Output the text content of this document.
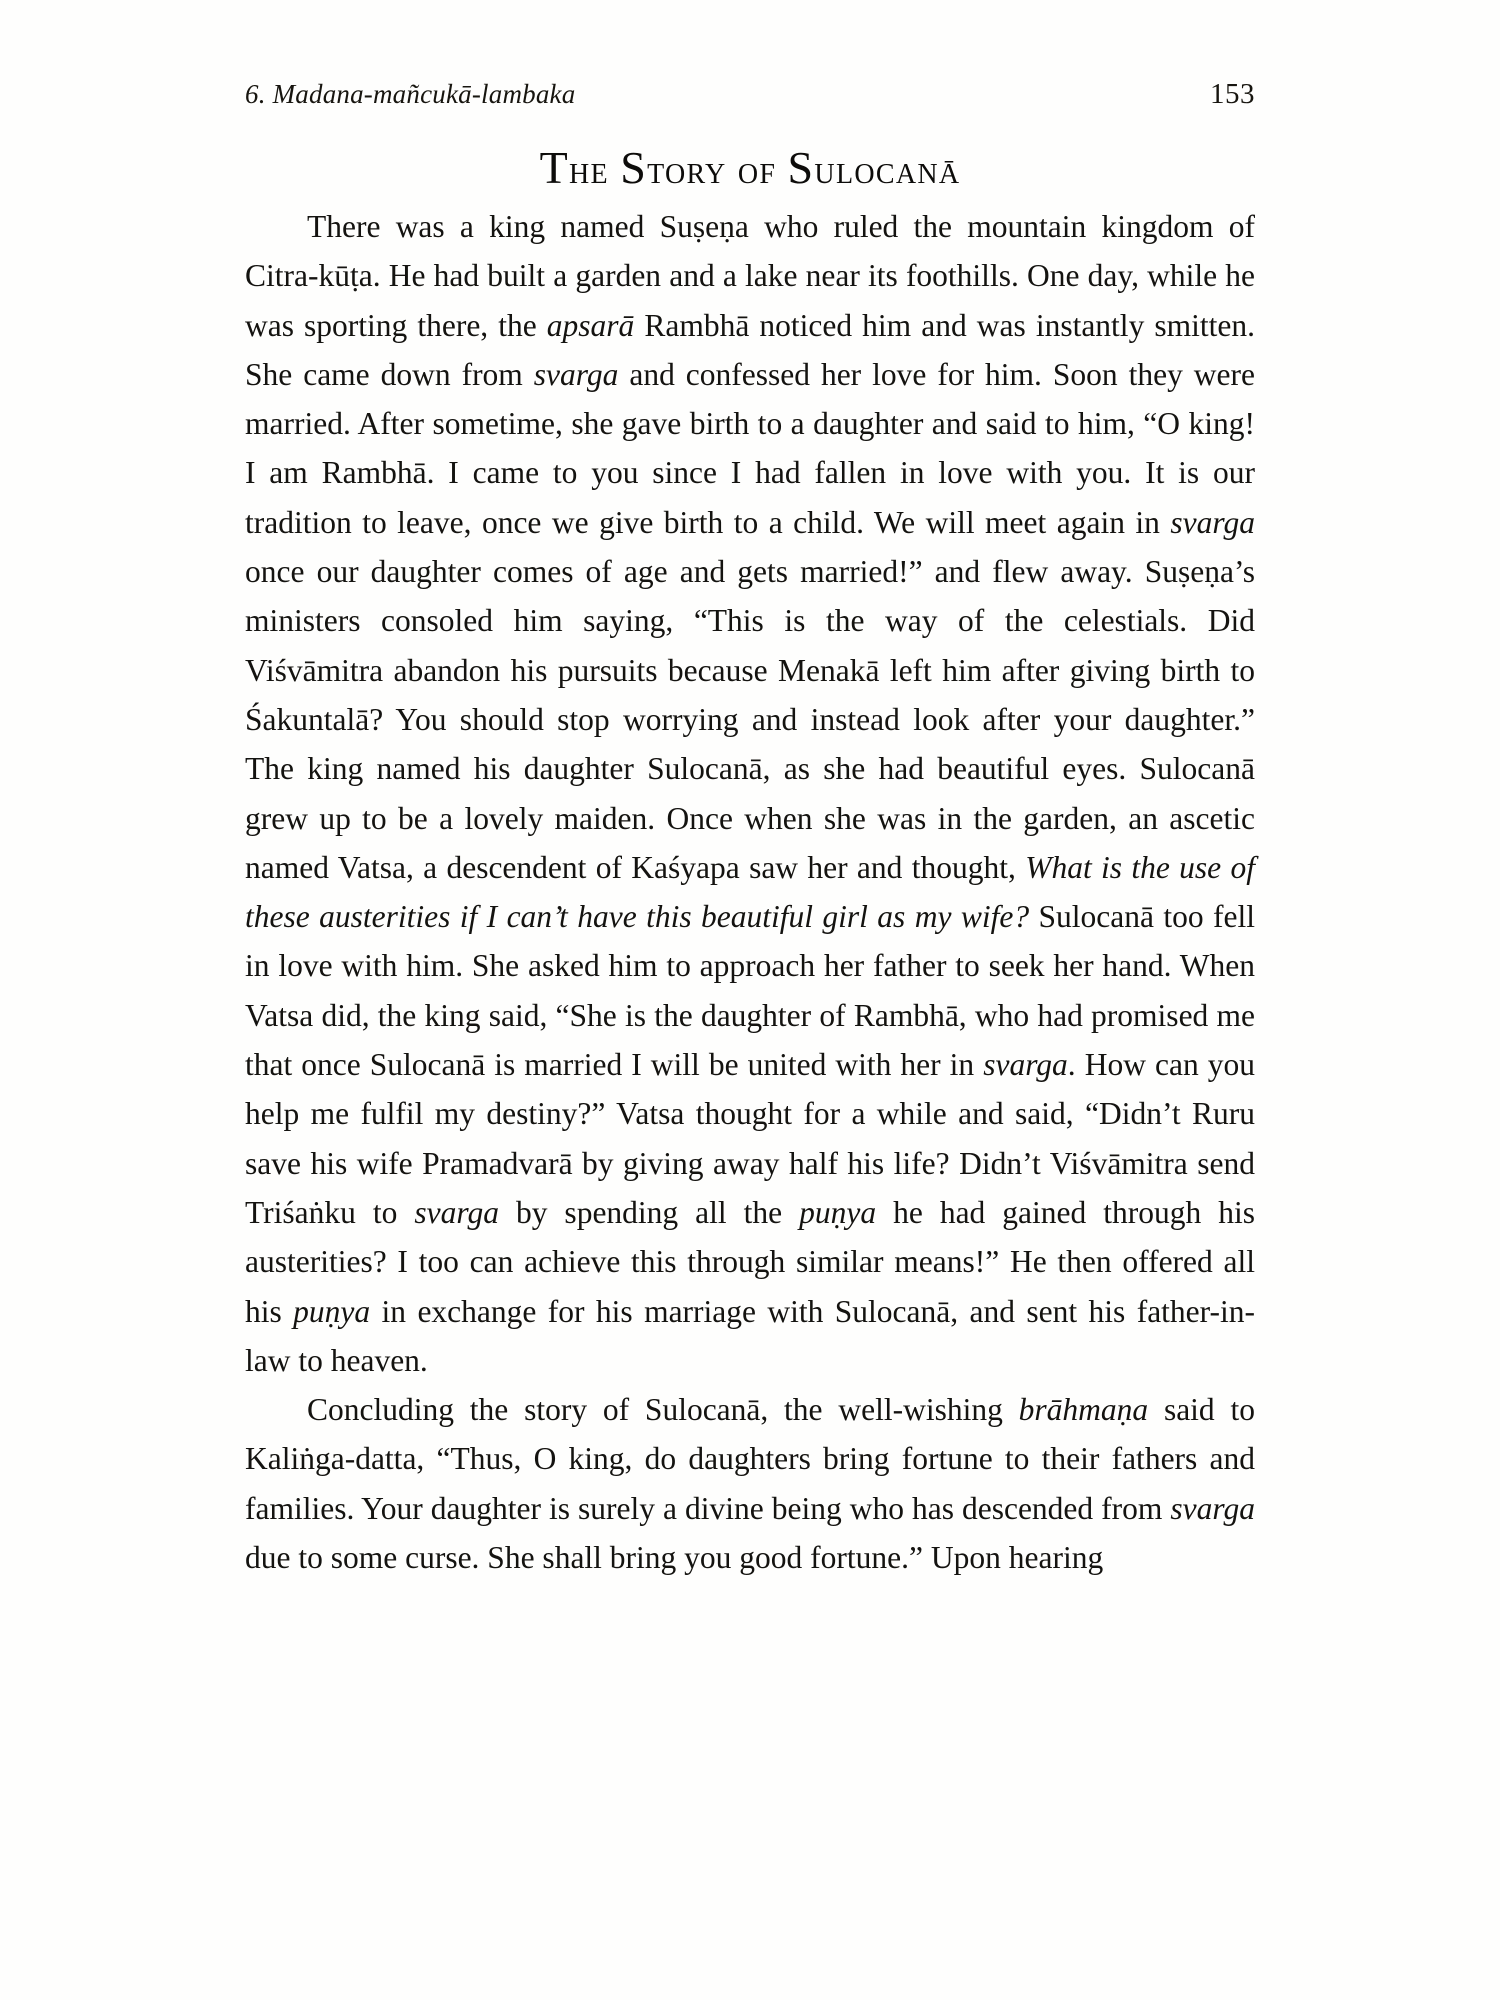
6. Madana-mañcukā-lambaka	153
The Story of Sulocanā

There was a king named Suṣeṇa who ruled the mountain kingdom of Citra-kūṭa. He had built a garden and a lake near its foothills. One day, while he was sporting there, the apsarā Rambhā noticed him and was instantly smitten. She came down from svarga and confessed her love for him. Soon they were married. After sometime, she gave birth to a daughter and said to him, “O king! I am Rambhā. I came to you since I had fallen in love with you. It is our tradition to leave, once we give birth to a child. We will meet again in svarga once our daughter comes of age and gets married!” and flew away. Suṣeṇa’s ministers consoled him saying, “This is the way of the celestials. Did Viśvāmitra abandon his pursuits because Menakā left him after giving birth to Śakuntalā? You should stop worrying and instead look after your daughter.” The king named his daughter Sulocanā, as she had beautiful eyes. Sulocanā grew up to be a lovely maiden. Once when she was in the garden, an ascetic named Vatsa, a descendent of Kaśyapa saw her and thought, What is the use of these austerities if I can’t have this beautiful girl as my wife? Sulocanā too fell in love with him. She asked him to approach her father to seek her hand. When Vatsa did, the king said, “She is the daughter of Rambhā, who had promised me that once Sulocanā is married I will be united with her in svarga. How can you help me fulfil my destiny?” Vatsa thought for a while and said, “Didn’t Ruru save his wife Pramadvarā by giving away half his life? Didn’t Viśvāmitra send Triśaṅku to svarga by spending all the puṇya he had gained through his austerities? I too can achieve this through similar means!” He then offered all his puṇya in exchange for his marriage with Sulocanā, and sent his father-in-law to heaven.

Concluding the story of Sulocanā, the well-wishing brāhmaṇa said to Kaliṅga-datta, “Thus, O king, do daughters bring fortune to their fathers and families. Your daughter is surely a divine being who has descended from svarga due to some curse. She shall bring you good fortune.” Upon hearing
